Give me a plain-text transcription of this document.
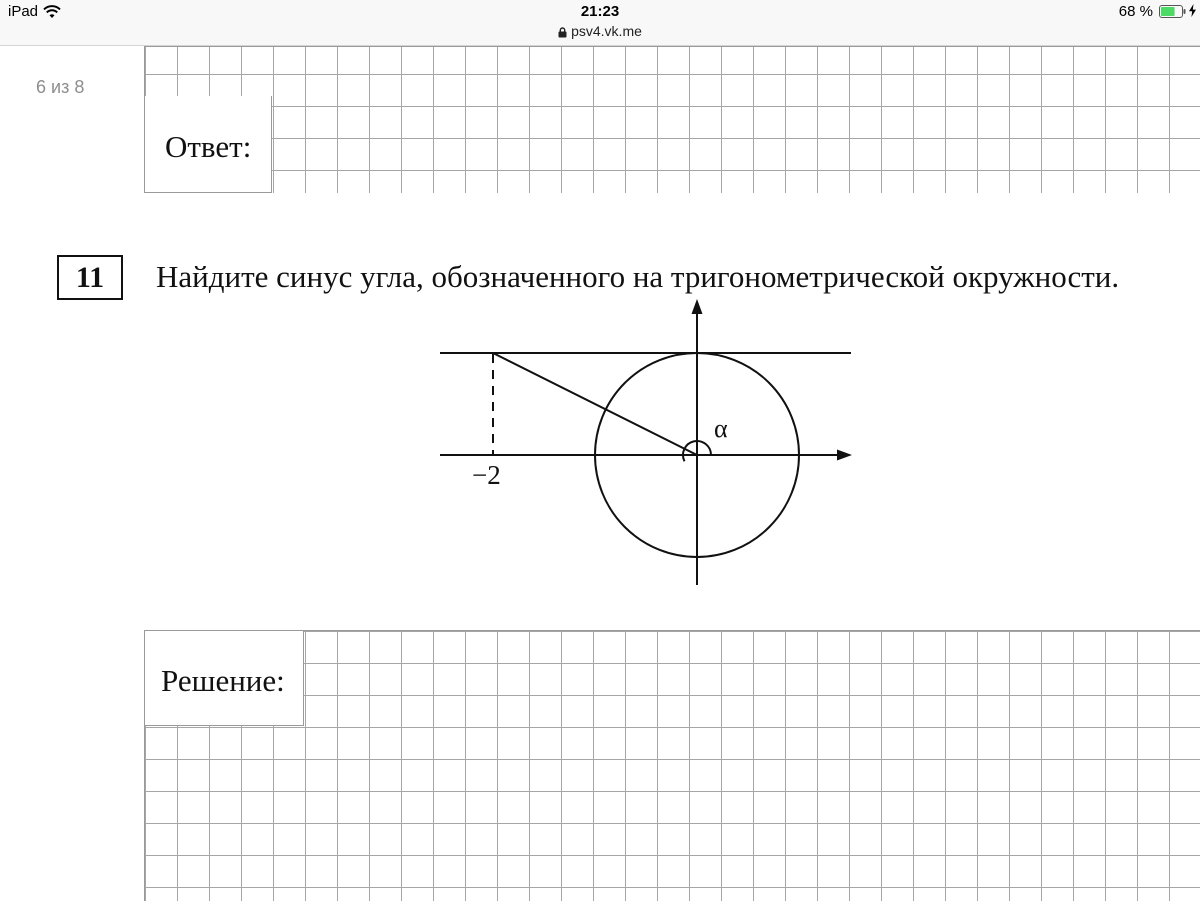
iPad	21:23
psv4.vk.me
68 %
6 из 8
Ответ:
11	Найдите синус угла, обозначенного на тригонометрической окружности.
−2
α
Решение:
